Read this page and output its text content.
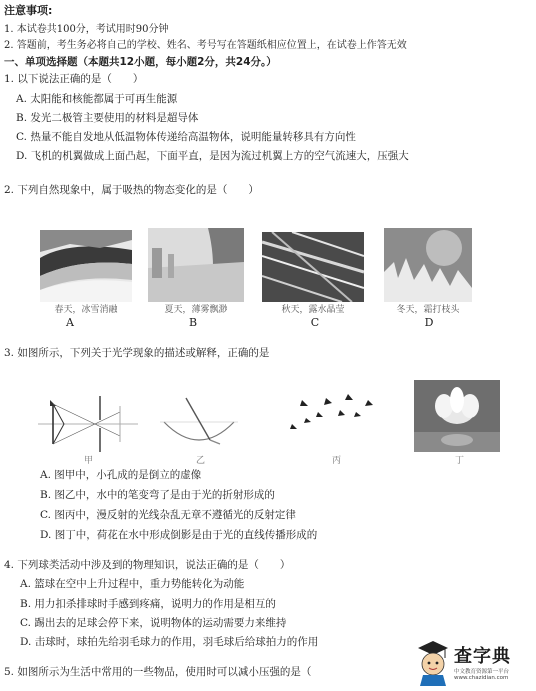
注意事项:
1. 本试卷共100分，考试用时90分钟
2. 答题前，考生务必将自己的学校、姓名、考号写在答题纸相应位置上，在试卷上作答无效
一、单项选择题（本题共12小题，每小题2分，共24分。）
1. 以下说法正确的是（　　）
A. 太阳能和核能都属于可再生能源
B. 发光二极管主要使用的材料是超导体
C. 热量不能自发地从低温物体传递给高温物体，说明能量转移具有方向性
D. 飞机的机翼做成上面凸起，下面平直，是因为流过机翼上方的空气流速大，压强大
2. 下列自然现象中，属于吸热的物态变化的是（　　）
春天，冰雪消融	夏天，薄雾飘渺	秋天，露水晶莹	冬天，霜打枝头
A	B	C	D
3. 如图所示，下列关于光学现象的描述或解释，正确的是
甲	乙	丙	丁
A. 图甲中，小孔成的是倒立的虚像
B. 图乙中，水中的笔变弯了是由于光的折射形成的
C. 图丙中，漫反射的光线杂乱无章不遵循光的反射定律
D. 图丁中，荷花在水中形成倒影是由于光的直线传播形成的
4. 下列球类活动中涉及到的物理知识，说法正确的是（　　）
A. 篮球在空中上升过程中，重力势能转化为动能
B. 用力扣杀排球时手感到疼痛，说明力的作用是相互的
C. 踢出去的足球会停下来，说明物体的运动需要力来维持
D. 击球时，球拍先给羽毛球力的作用，羽毛球后给球拍力的作用
5. 如图所示为生活中常用的一些物品，使用时可以减小压强的是（
查字典
中文教育资源第一平台 www.chazidian.com
